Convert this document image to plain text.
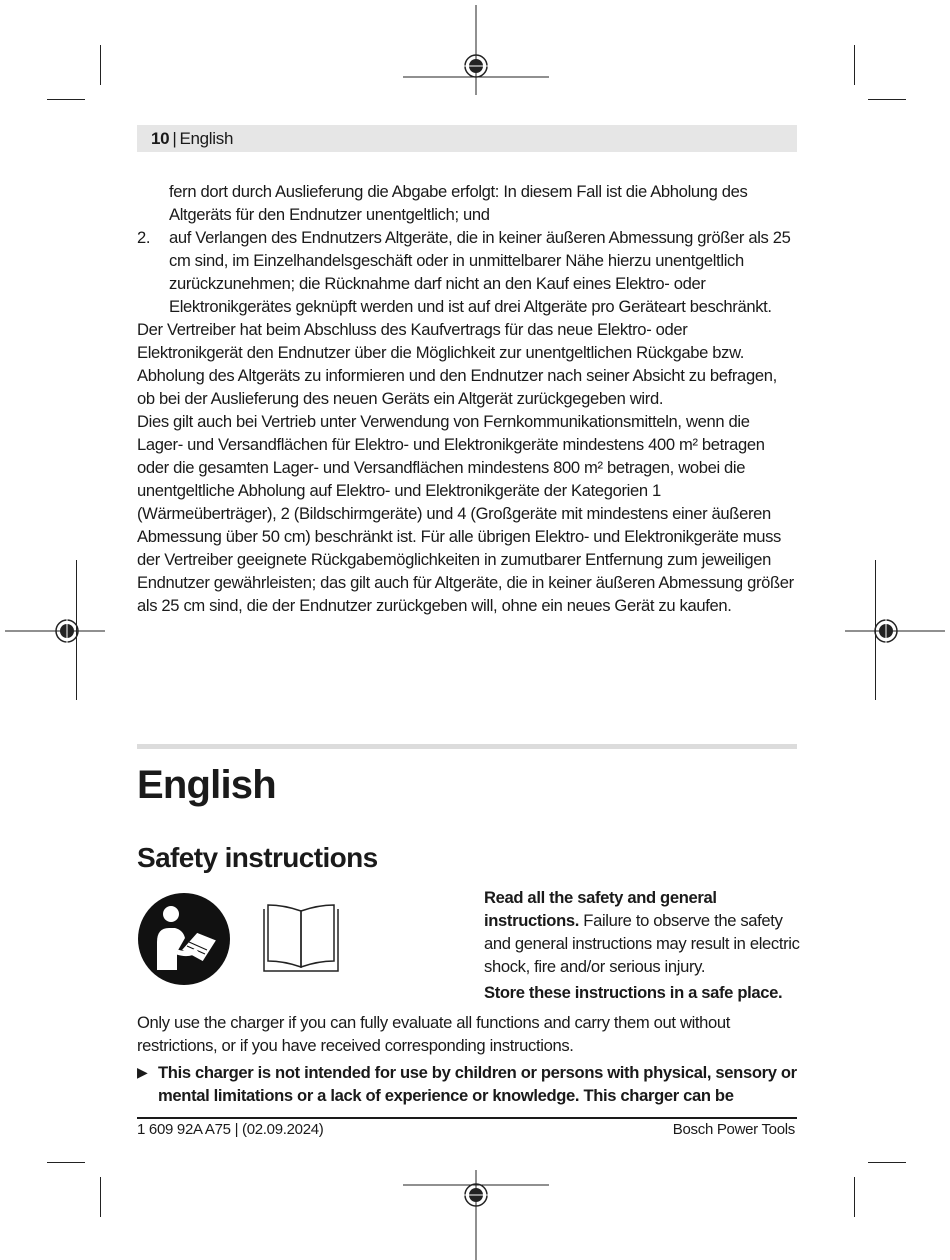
10 | English

fern dort durch Auslieferung die Abgabe erfolgt: In diesem Fall ist die Abholung des Altgeräts für den Endnutzer unentgeltlich; und

2. auf Verlangen des Endnutzers Altgeräte, die in keiner äußeren Abmessung größer als 25 cm sind, im Einzelhandelsgeschäft oder in unmittelbarer Nähe hierzu unentgeltlich zurückzunehmen; die Rücknahme darf nicht an den Kauf eines Elektro- oder Elektronikgerätes geknüpft werden und ist auf drei Altgeräte pro Geräteart beschränkt.

Der Vertreiber hat beim Abschluss des Kaufvertrags für das neue Elektro- oder Elektronikgerät den Endnutzer über die Möglichkeit zur unentgeltlichen Rückgabe bzw. Abholung des Altgeräts zu informieren und den Endnutzer nach seiner Absicht zu befragen, ob bei der Auslieferung des neuen Geräts ein Altgerät zurückgegeben wird.

Dies gilt auch bei Vertrieb unter Verwendung von Fernkommunikationsmitteln, wenn die Lager- und Versandflächen für Elektro- und Elektronikgeräte mindestens 400 m² betragen oder die gesamten Lager- und Versandflächen mindestens 800 m² betragen, wobei die unentgeltliche Abholung auf Elektro- und Elektronikgeräte der Kategorien 1 (Wärmeüberträger), 2 (Bildschirmgeräte) und 4 (Großgeräte mit mindestens einer äußeren Abmessung über 50 cm) beschränkt ist. Für alle übrigen Elektro- und Elektronikgeräte muss der Vertreiber geeignete Rückgabemöglichkeiten in zumutbarer Entfernung zum jeweiligen Endnutzer gewährleisten; das gilt auch für Altgeräte, die in keiner äußeren Abmessung größer als 25 cm sind, die der Endnutzer zurückgeben will, ohne ein neues Gerät zu kaufen.

English
Safety instructions

Read all the safety and general instructions. Failure to observe the safety and general instructions may result in electric shock, fire and/or serious injury.

Store these instructions in a safe place.

Only use the charger if you can fully evaluate all functions and carry them out without restrictions, or if you have received corresponding instructions.

▶ This charger is not intended for use by children or persons with physical, sensory or mental limitations or a lack of experience or knowledge. This charger can be

1 609 92A A75 | (02.09.2024)	Bosch Power Tools
